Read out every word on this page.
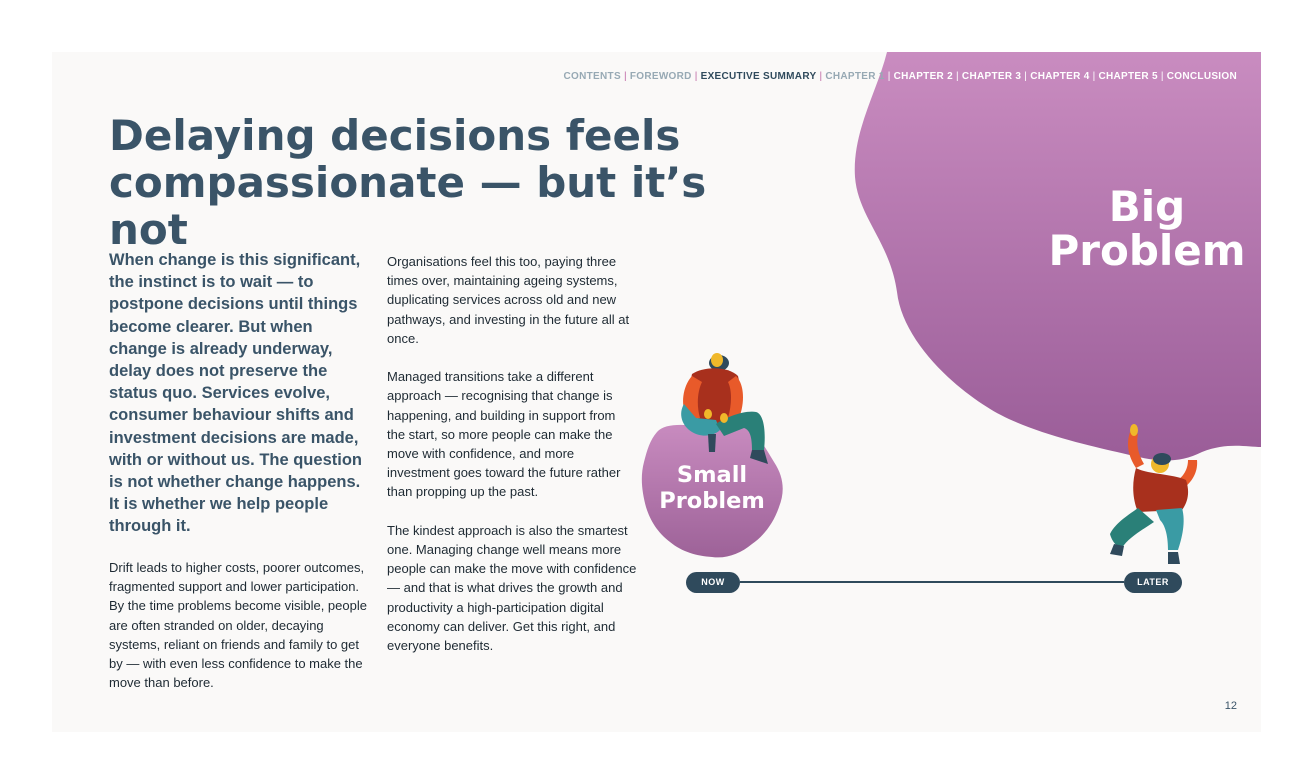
CONTENTS | FOREWORD | EXECUTIVE SUMMARY | CHAPTER 1 | CHAPTER 2 | CHAPTER 3 | CHAPTER 4 | CHAPTER 5 | CONCLUSION
Delaying decisions feels
compassionate — but it’s not

When change is this significant, the instinct is to wait — to postpone decisions until things become clearer. But when change is already underway, delay does not preserve the status quo. Services evolve, consumer behaviour shifts and investment decisions are made, with or without us. The question is not whether change happens. It is whether we help people through it.

Drift leads to higher costs, poorer outcomes, fragmented support and lower participation. By the time problems become visible, people are often stranded on older, decaying systems, reliant on friends and family to get by — with even less confidence to make the move than before.

Organisations feel this too, paying three times over, maintaining ageing systems, duplicating services across old and new pathways, and investing in the future all at once.

Managed transitions take a different approach — recognising that change is happening, and building in support from the start, so more people can make the move with confidence, and more investment goes toward the future rather than propping up the past.

The kindest approach is also the smartest one. Managing change well means more people can make the move with confidence — and that is what drives the growth and productivity a high-participation digital economy can deliver. Get this right, and everyone benefits.

Big
Problem
Small
Problem
NOW	LATER
12
